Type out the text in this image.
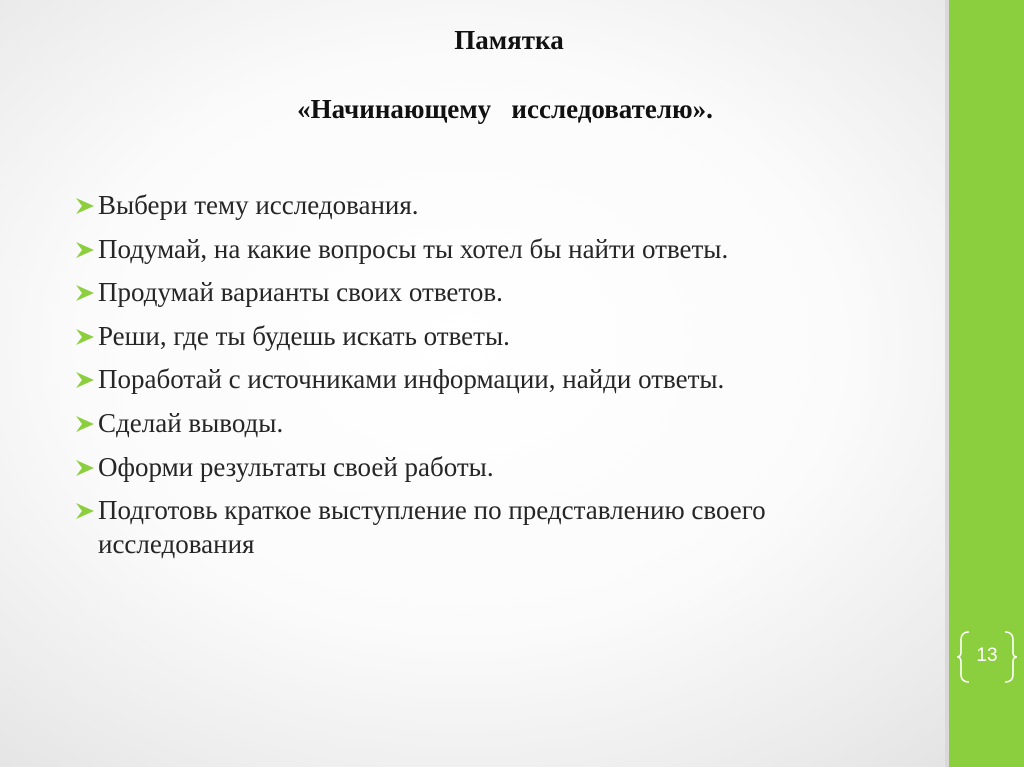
Памятка
«Начинающему   исследователю».
Выбери тему исследования.
Подумай, на какие вопросы ты хотел бы найти ответы.
Продумай варианты своих ответов.
Реши, где ты будешь искать ответы.
Поработай с источниками информации, найди ответы.
Сделай выводы.
Оформи результаты своей работы.
Подготовь краткое выступление по представлению своего исследования
13
